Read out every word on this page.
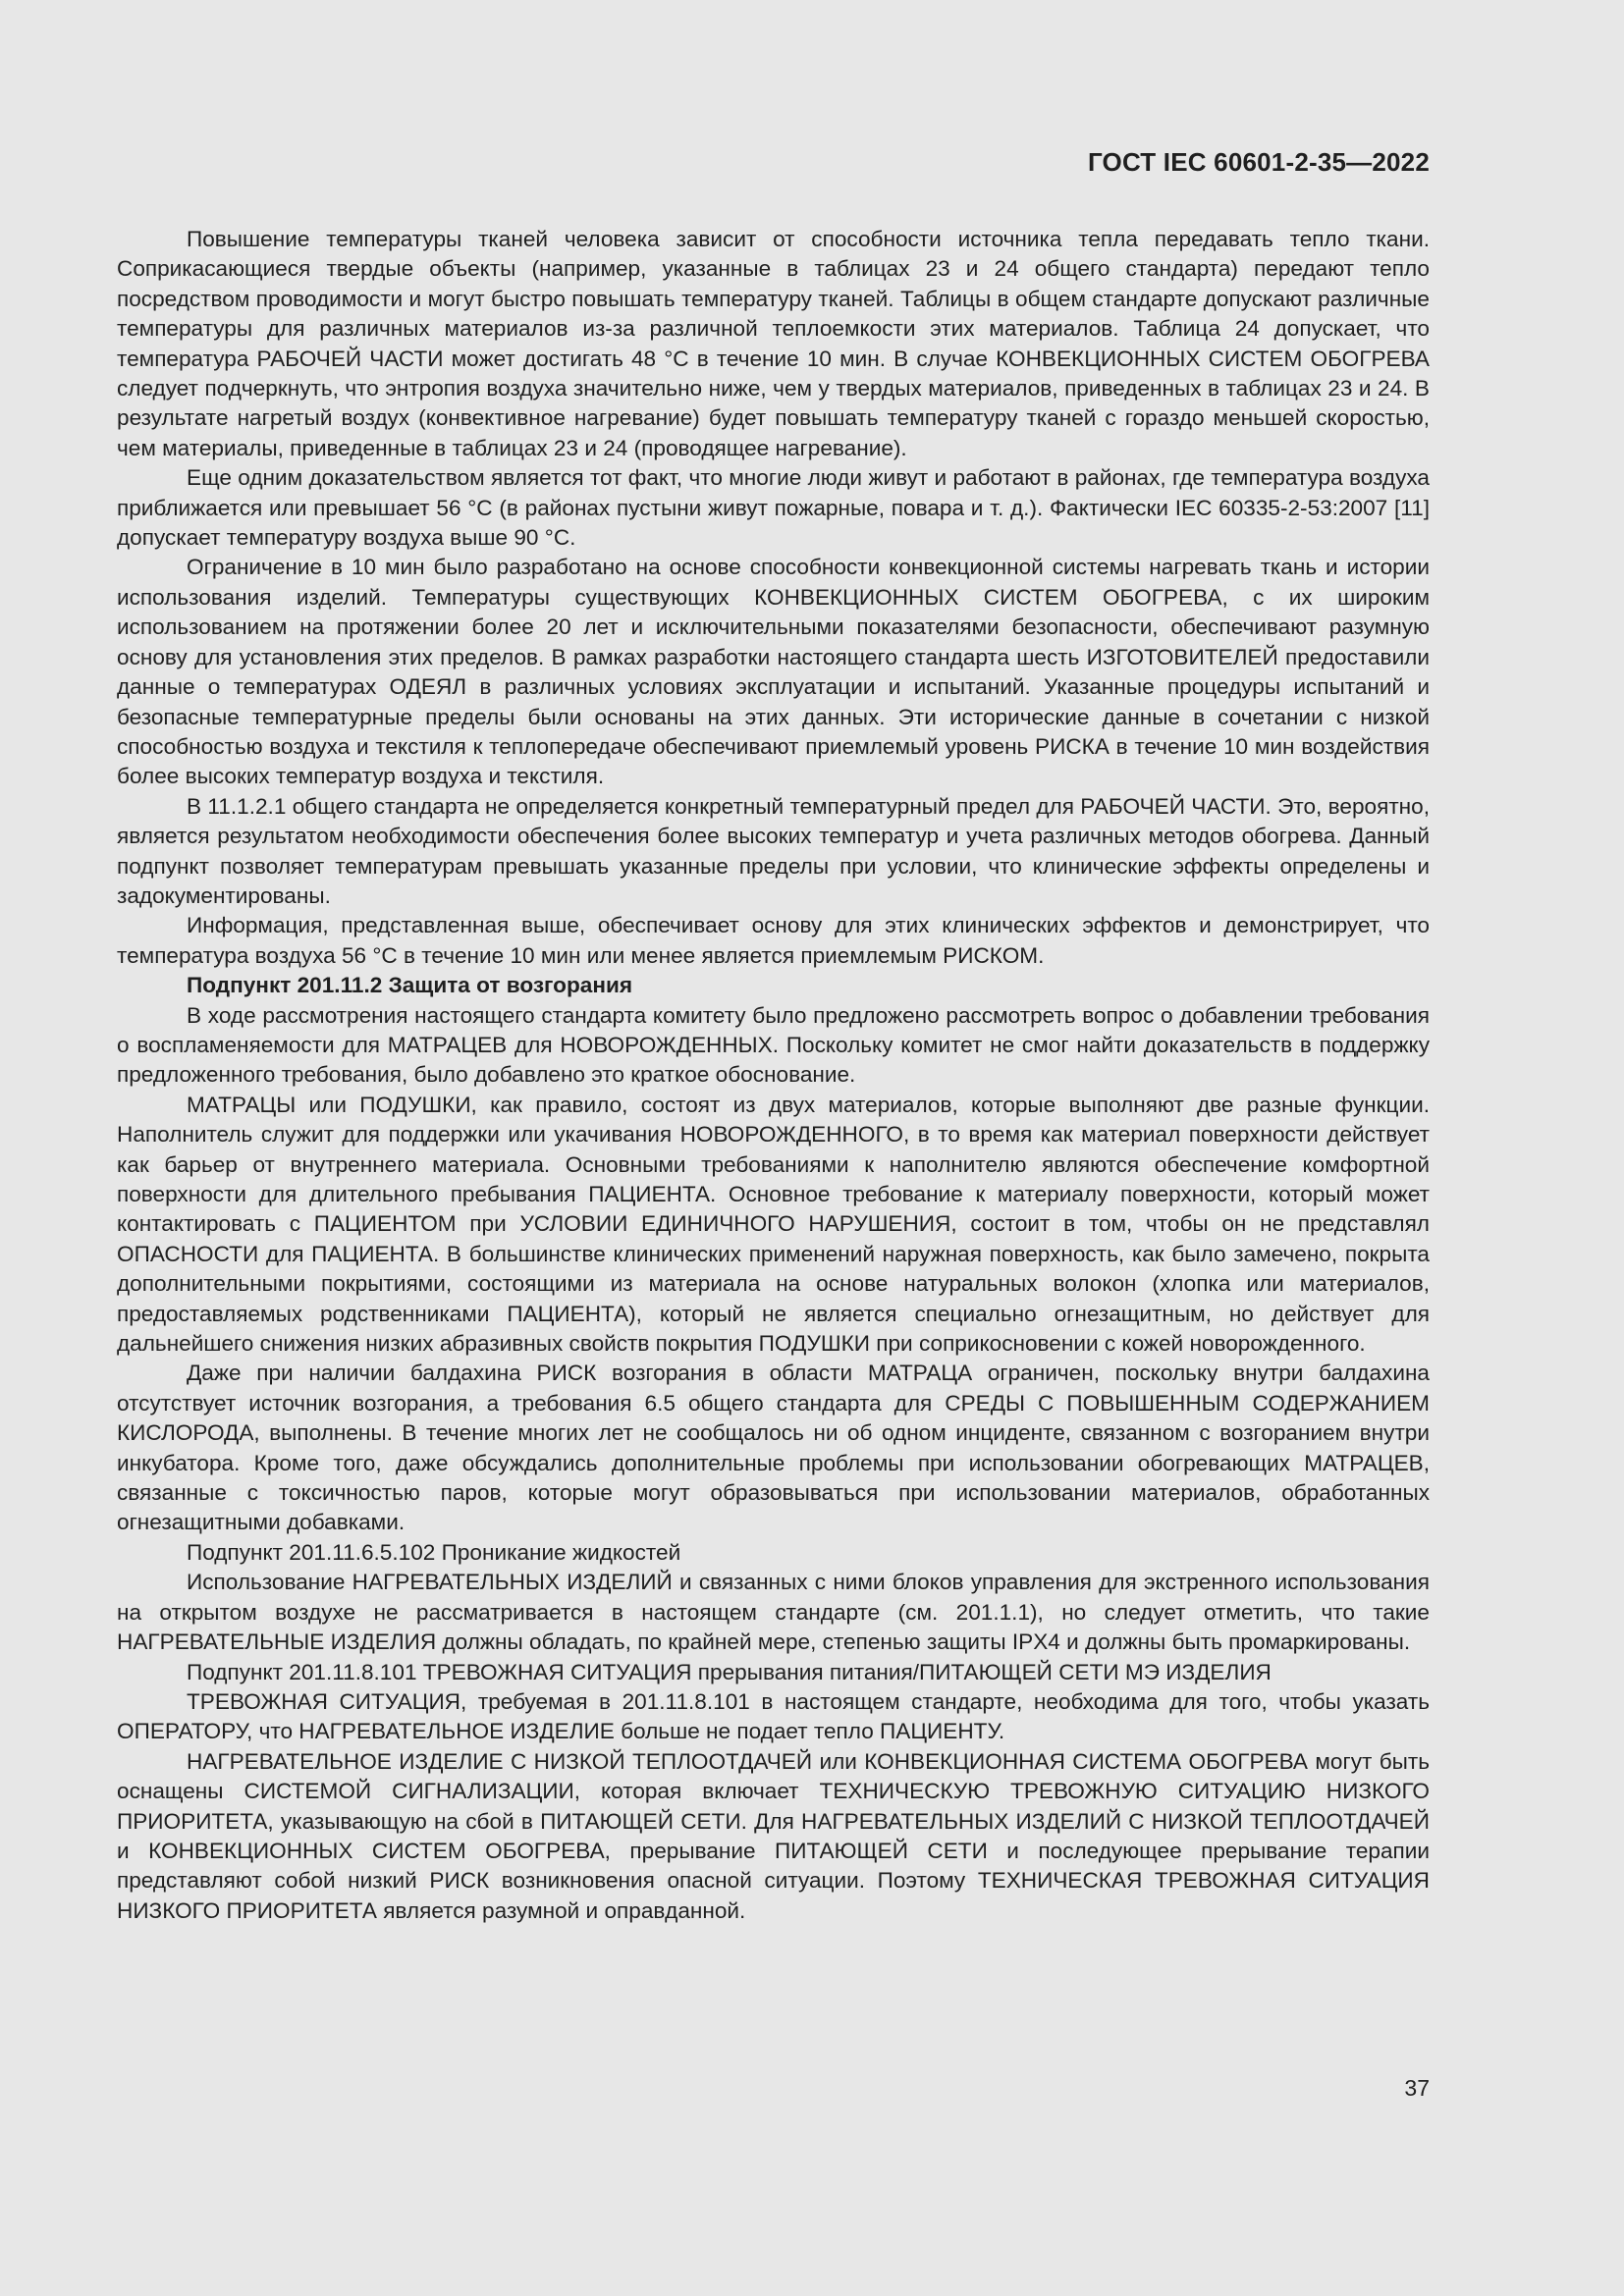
ГОСТ IEC 60601-2-35—2022

Повышение температуры тканей человека зависит от способности источника тепла передавать тепло ткани. Соприкасающиеся твердые объекты (например, указанные в таблицах 23 и 24 общего стандарта) передают тепло посредством проводимости и могут быстро повышать температуру тканей. Таблицы в общем стандарте допускают различные температуры для различных материалов из-за различной теплоемкости этих материалов. Таблица 24 допускает, что температура РАБОЧЕЙ ЧАСТИ может достигать 48 °С в течение 10 мин. В случае КОНВЕКЦИОННЫХ СИСТЕМ ОБОГРЕВА следует подчеркнуть, что энтропия воздуха значительно ниже, чем у твердых материалов, приведенных в таблицах 23 и 24. В результате нагретый воздух (конвективное нагревание) будет повышать температуру тканей с гораздо меньшей скоростью, чем материалы, приведенные в таблицах 23 и 24 (проводящее нагревание).

Еще одним доказательством является тот факт, что многие люди живут и работают в районах, где температура воздуха приближается или превышает 56 °С (в районах пустыни живут пожарные, повара и т. д.). Фактически IEC 60335-2-53:2007 [11] допускает температуру воздуха выше 90 °С.

Ограничение в 10 мин было разработано на основе способности конвекционной системы нагревать ткань и истории использования изделий. Температуры существующих КОНВЕКЦИОННЫХ СИСТЕМ ОБОГРЕВА, с их широким использованием на протяжении более 20 лет и исключительными показателями безопасности, обеспечивают разумную основу для установления этих пределов. В рамках разработки настоящего стандарта шесть ИЗГОТОВИТЕЛЕЙ предоставили данные о температурах ОДЕЯЛ в различных условиях эксплуатации и испытаний. Указанные процедуры испытаний и безопасные температурные пределы были основаны на этих данных. Эти исторические данные в сочетании с низкой способностью воздуха и текстиля к теплопередаче обеспечивают приемлемый уровень РИСКА в течение 10 мин воздействия более высоких температур воздуха и текстиля.

В 11.1.2.1 общего стандарта не определяется конкретный температурный предел для РАБОЧЕЙ ЧАСТИ. Это, вероятно, является результатом необходимости обеспечения более высоких температур и учета различных методов обогрева. Данный подпункт позволяет температурам превышать указанные пределы при условии, что клинические эффекты определены и задокументированы.

Информация, представленная выше, обеспечивает основу для этих клинических эффектов и демонстрирует, что температура воздуха 56 °С в течение 10 мин или менее является приемлемым РИСКОМ.

Подпункт 201.11.2 Защита от возгорания

В ходе рассмотрения настоящего стандарта комитету было предложено рассмотреть вопрос о добавлении требования о воспламеняемости для МАТРАЦЕВ для НОВОРОЖДЕННЫХ. Поскольку комитет не смог найти доказательств в поддержку предложенного требования, было добавлено это краткое обоснование.

МАТРАЦЫ или ПОДУШКИ, как правило, состоят из двух материалов, которые выполняют две разные функции. Наполнитель служит для поддержки или укачивания НОВОРОЖДЕННОГО, в то время как материал поверхности действует как барьер от внутреннего материала. Основными требованиями к наполнителю являются обеспечение комфортной поверхности для длительного пребывания ПАЦИЕНТА. Основное требование к материалу поверхности, который может контактировать с ПАЦИЕНТОМ при УСЛОВИИ ЕДИНИЧНОГО НАРУШЕНИЯ, состоит в том, чтобы он не представлял ОПАСНОСТИ для ПАЦИЕНТА. В большинстве клинических применений наружная поверхность, как было замечено, покрыта дополнительными покрытиями, состоящими из материала на основе натуральных волокон (хлопка или материалов, предоставляемых родственниками ПАЦИЕНТА), который не является специально огнезащитным, но действует для дальнейшего снижения низких абразивных свойств покрытия ПОДУШКИ при соприкосновении с кожей новорожденного.

Даже при наличии балдахина РИСК возгорания в области МАТРАЦА ограничен, поскольку внутри балдахина отсутствует источник возгорания, а требования 6.5 общего стандарта для СРЕДЫ С ПОВЫШЕННЫМ СОДЕРЖАНИЕМ КИСЛОРОДА, выполнены. В течение многих лет не сообщалось ни об одном инциденте, связанном с возгоранием внутри инкубатора. Кроме того, даже обсуждались дополнительные проблемы при использовании обогревающих МАТРАЦЕВ, связанные с токсичностью паров, которые могут образовываться при использовании материалов, обработанных огнезащитными добавками.

Подпункт 201.11.6.5.102 Проникание жидкостей

Использование НАГРЕВАТЕЛЬНЫХ ИЗДЕЛИЙ и связанных с ними блоков управления для экстренного использования на открытом воздухе не рассматривается в настоящем стандарте (см. 201.1.1), но следует отметить, что такие НАГРЕВАТЕЛЬНЫЕ ИЗДЕЛИЯ должны обладать, по крайней мере, степенью защиты IPX4 и должны быть промаркированы.

Подпункт 201.11.8.101 ТРЕВОЖНАЯ СИТУАЦИЯ прерывания питания/ПИТАЮЩЕЙ СЕТИ МЭ ИЗДЕЛИЯ

ТРЕВОЖНАЯ СИТУАЦИЯ, требуемая в 201.11.8.101 в настоящем стандарте, необходима для того, чтобы указать ОПЕРАТОРУ, что НАГРЕВАТЕЛЬНОЕ ИЗДЕЛИЕ больше не подает тепло ПАЦИЕНТУ.

НАГРЕВАТЕЛЬНОЕ ИЗДЕЛИЕ С НИЗКОЙ ТЕПЛООТДАЧЕЙ или КОНВЕКЦИОННАЯ СИСТЕМА ОБОГРЕВА могут быть оснащены СИСТЕМОЙ СИГНАЛИЗАЦИИ, которая включает ТЕХНИЧЕСКУЮ ТРЕВОЖНУЮ СИТУАЦИЮ НИЗКОГО ПРИОРИТЕТА, указывающую на сбой в ПИТАЮЩЕЙ СЕТИ. Для НАГРЕВАТЕЛЬНЫХ ИЗДЕЛИЙ С НИЗКОЙ ТЕПЛООТДАЧЕЙ и КОНВЕКЦИОННЫХ СИСТЕМ ОБОГРЕВА, прерывание ПИТАЮЩЕЙ СЕТИ и последующее прерывание терапии представляют собой низкий РИСК возникновения опасной ситуации. Поэтому ТЕХНИЧЕСКАЯ ТРЕВОЖНАЯ СИТУАЦИЯ НИЗКОГО ПРИОРИТЕТА является разумной и оправданной.

37
